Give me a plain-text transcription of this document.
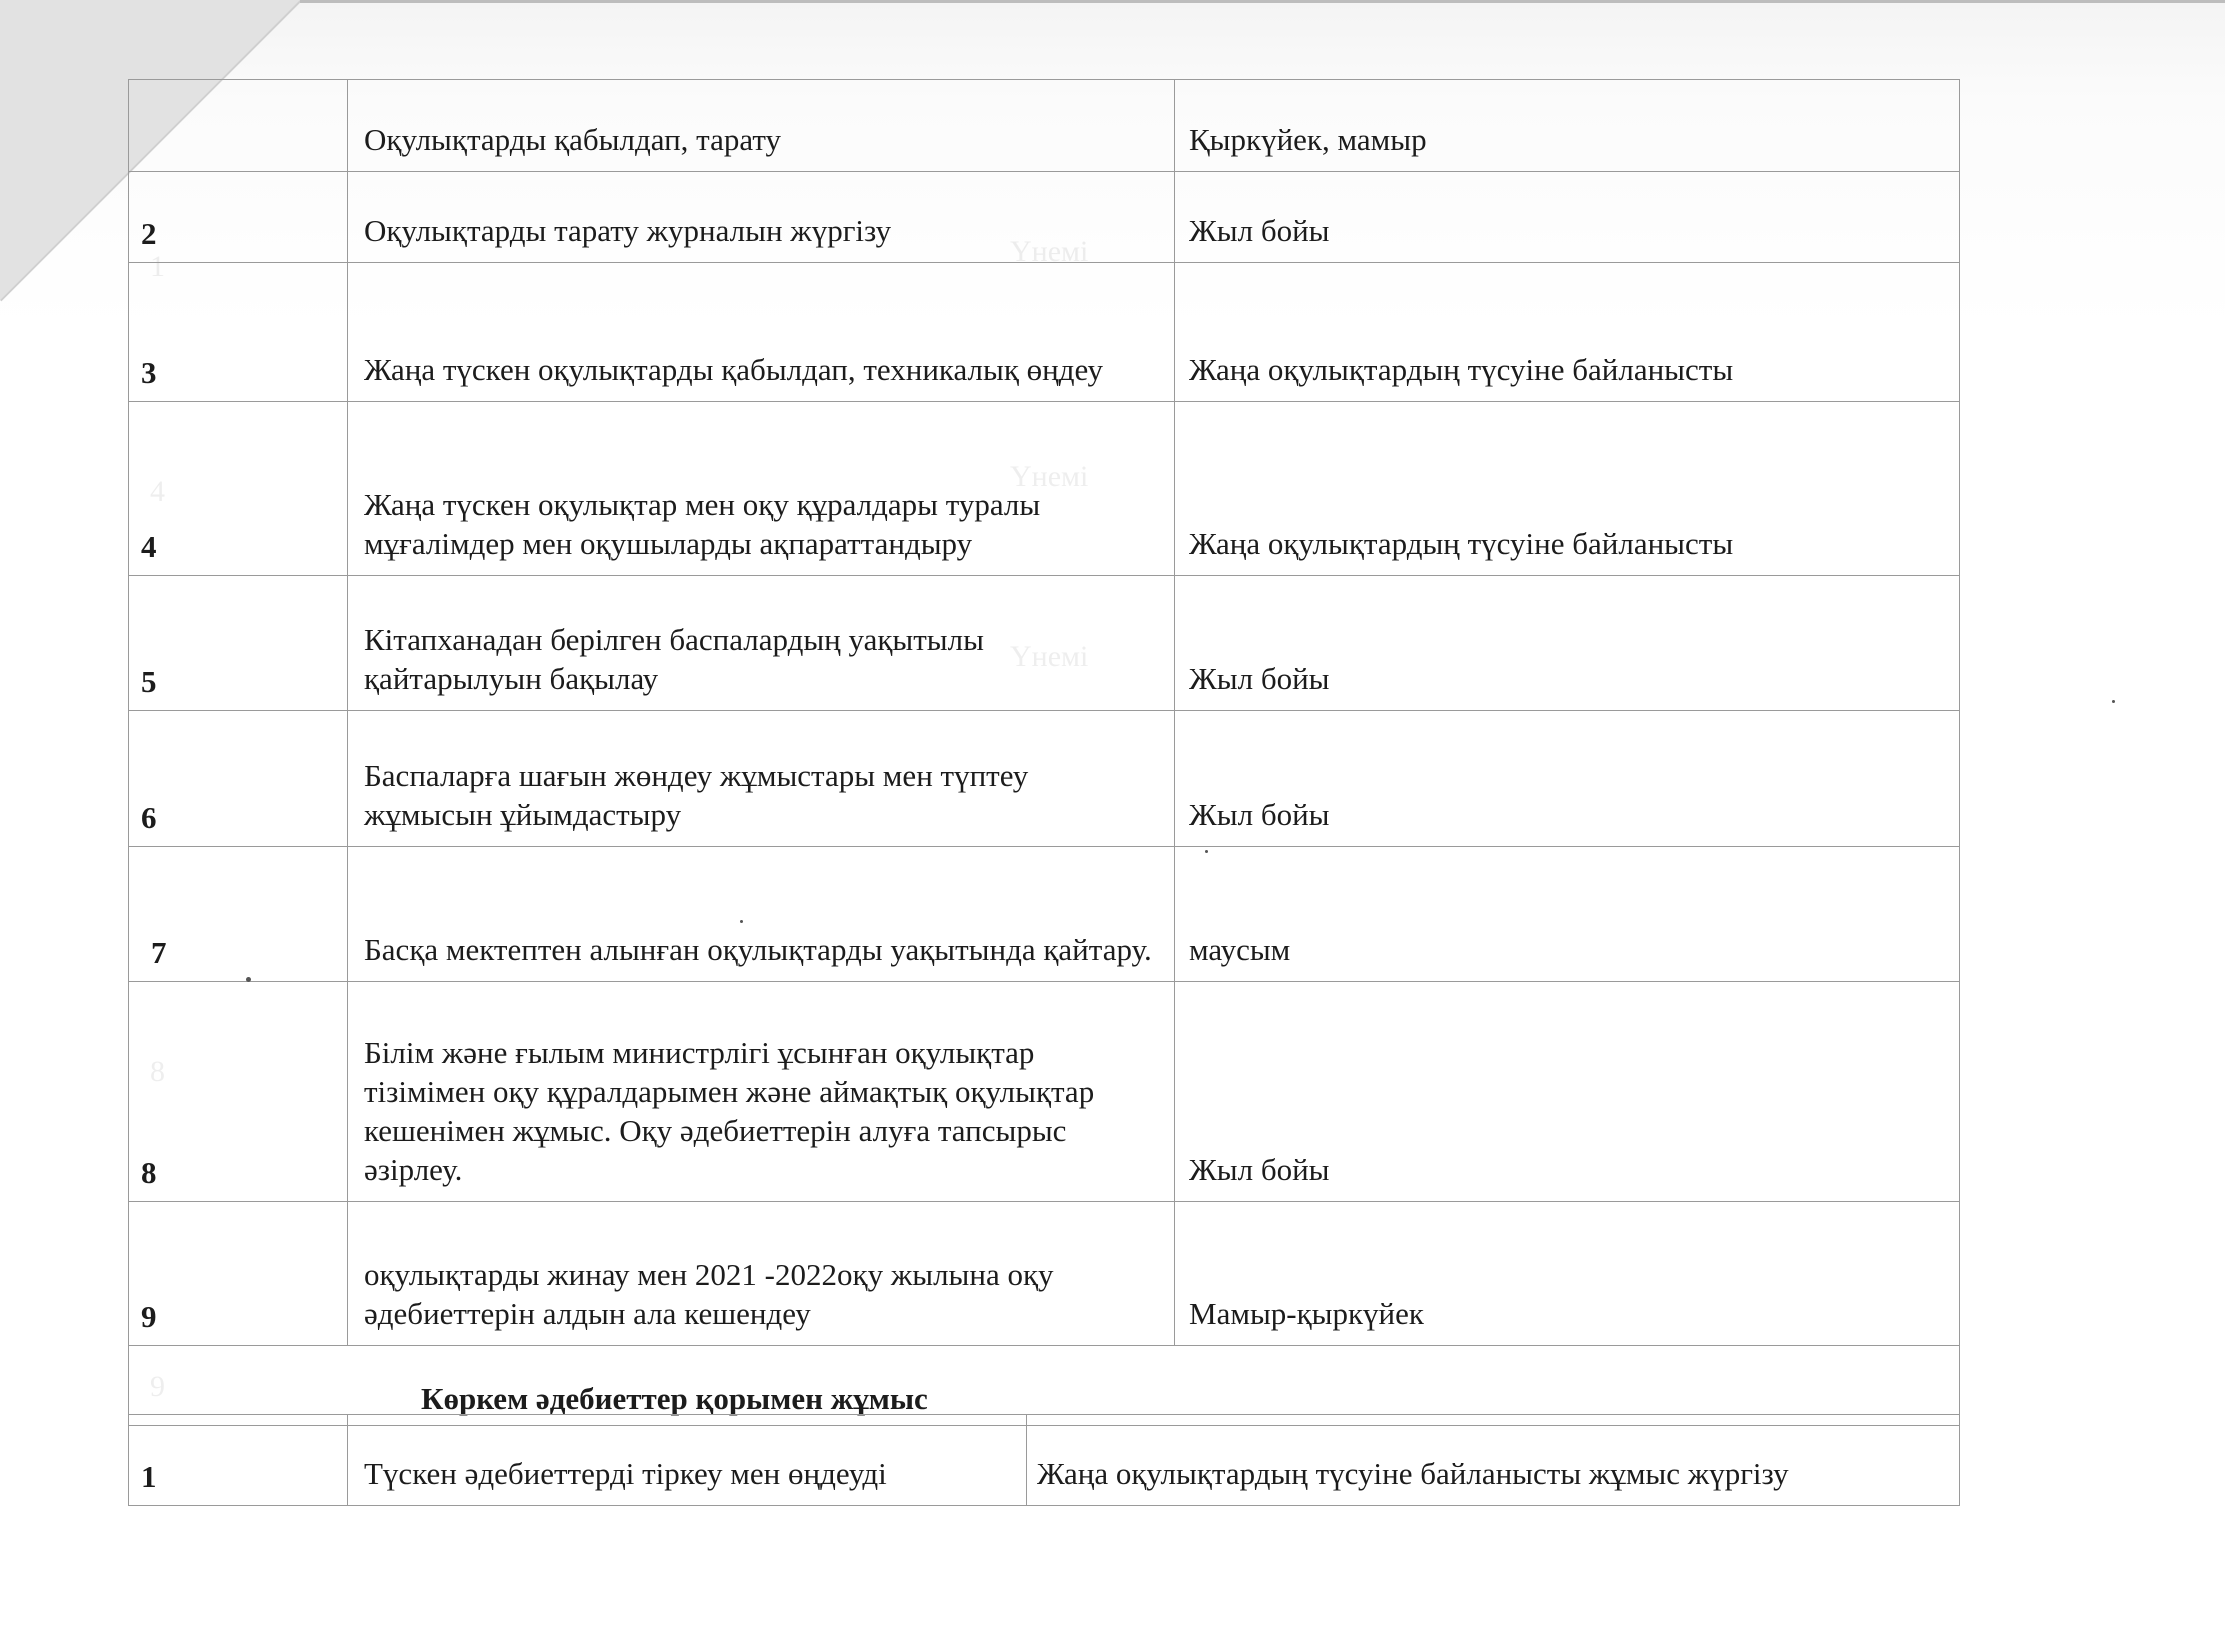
1	Үнемі
4	Үнемі
Үнемі
8
9
	Оқулықтарды қабылдап, тарату	Қыркүйек, мамыр
2	Оқулықтарды тарату журналын жүргізу	Жыл бойы
3	Жаңа түскен оқулықтарды қабылдап, техникалық өңдеу	Жаңа оқулықтардың түсуіне байланысты
4	Жаңа түскен оқулықтар мен оқу құралдары туралы мұғалімдер мен оқушыларды ақпараттандыру	Жаңа оқулықтардың түсуіне байланысты
5	Кітапханадан берілген баспалардың уақытылы қайтарылуын бақылау	Жыл бойы
6	Баспаларға шағын жөндеу жұмыстары мен түптеу жұмысын ұйымдастыру	Жыл бойы
7	Басқа мектептен алынған оқулықтарды уақытында қайтару.	маусым
8	Білім және ғылым министрлігі ұсынған оқулықтар тізімімен оқу құралдарымен және аймақтық оқулықтар кешенімен жұмыс. Оқу әдебиеттерін алуға тапсырыс әзірлеу.	Жыл бойы
9	оқулықтарды жинау мен 2021 -2022оқу жылына оқу әдебиеттерін алдын ала кешендеу	Мамыр-қыркүйек
Көркем әдебиеттер қорымен жұмыс		
1	Түскен әдебиеттерді тіркеу мен өңдеуді	Жаңа оқулықтардың түсуіне байланысты жұмыс жүргізу
